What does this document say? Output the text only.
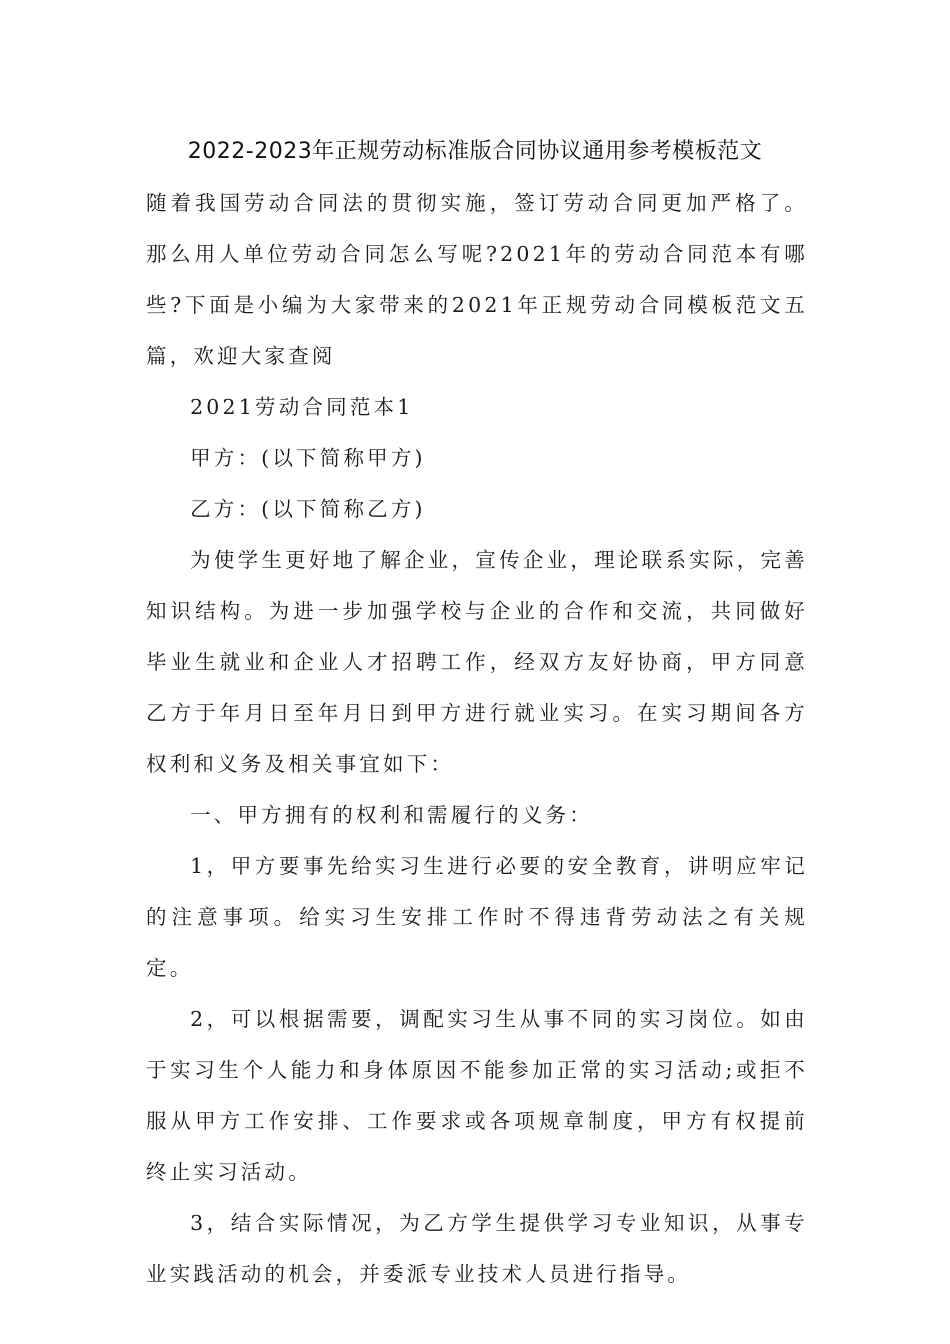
2022-2023年正规劳动标准版合同协议通用参考模板范文

随着我国劳动合同法的贯彻实施，签订劳动合同更加严格了。那么用人单位劳动合同怎么写呢?2021年的劳动合同范本有哪些?下面是小编为大家带来的2021年正规劳动合同模板范文五篇，欢迎大家查阅

2021劳动合同范本1

甲方：(以下简称甲方)

乙方：(以下简称乙方)

为使学生更好地了解企业，宣传企业，理论联系实际，完善知识结构。为进一步加强学校与企业的合作和交流，共同做好毕业生就业和企业人才招聘工作，经双方友好协商，甲方同意乙方于年月日至年月日到甲方进行就业实习。在实习期间各方权利和义务及相关事宜如下：

一、甲方拥有的权利和需履行的义务：

1，甲方要事先给实习生进行必要的安全教育，讲明应牢记的注意事项。给实习生安排工作时不得违背劳动法之有关规定。

2，可以根据需要，调配实习生从事不同的实习岗位。如由于实习生个人能力和身体原因不能参加正常的实习活动;或拒不服从甲方工作安排、工作要求或各项规章制度，甲方有权提前终止实习活动。

3，结合实际情况，为乙方学生提供学习专业知识，从事专业实践活动的机会，并委派专业技术人员进行指导。
